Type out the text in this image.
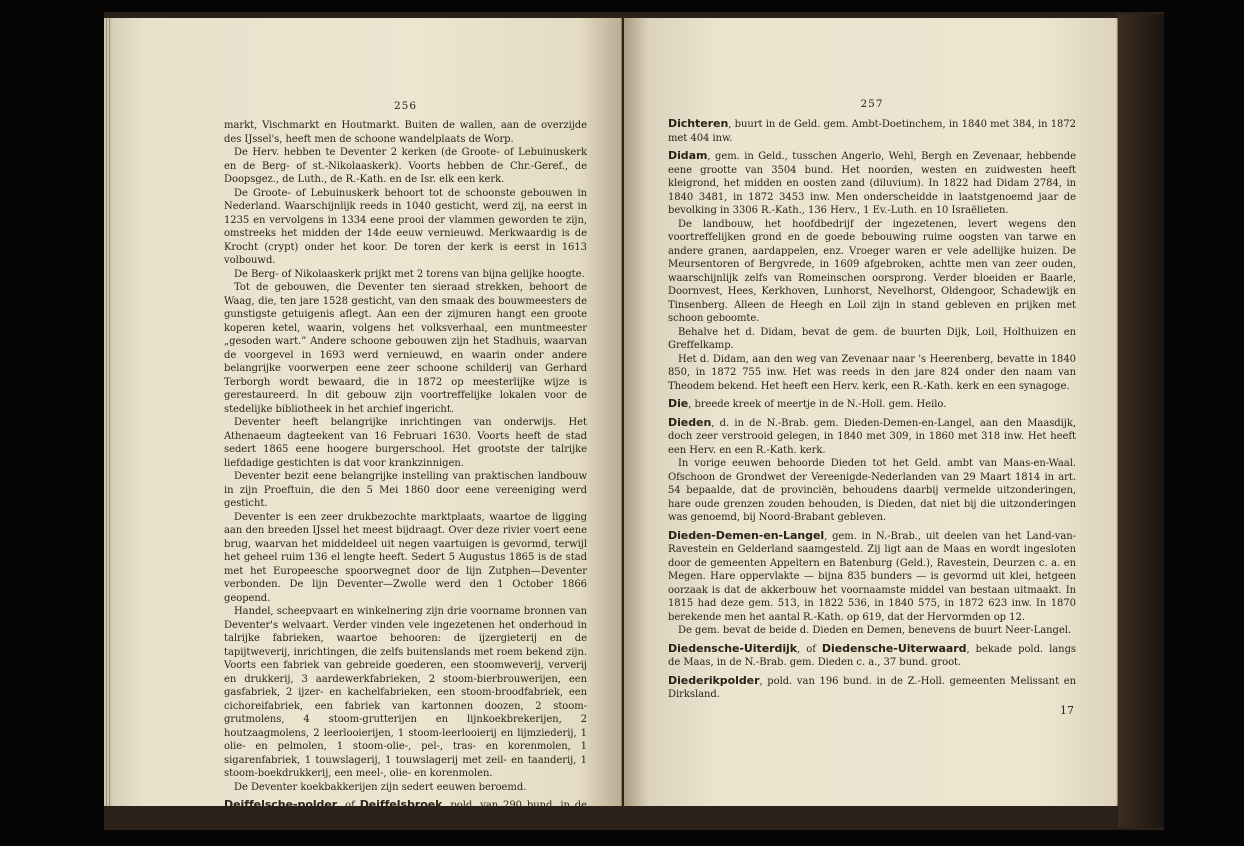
256

markt, Vischmarkt en Houtmarkt. Buiten de wallen, aan de overzijde des IJssel's, heeft men de schoone wandelplaats de Worp.

De Herv. hebben te Deventer 2 kerken (de Groote- of Lebuinuskerk en de Berg- of st.-Nikolaaskerk). Voorts hebben de Chr.-Geref., de Doopsgez., de Luth., de R.-Kath. en de Isr. elk een kerk.

De Groote- of Lebuinuskerk behoort tot de schoonste gebouwen in Nederland. Waarschijnlijk reeds in 1040 gesticht, werd zij, na eerst in 1235 en vervolgens in 1334 eene prooi der vlammen geworden te zijn, omstreeks het midden der 14de eeuw vernieuwd. Merkwaardig is de Krocht (crypt) onder het koor. De toren der kerk is eerst in 1613 volbouwd.

De Berg- of Nikolaaskerk prijkt met 2 torens van bijna gelijke hoogte.

Tot de gebouwen, die Deventer ten sieraad strekken, behoort de Waag, die, ten jare 1528 gesticht, van den smaak des bouwmeesters de gunstigste getuigenis aflegt. Aan een der zijmuren hangt een groote koperen ketel, waarin, volgens het volksverhaal, een muntmeester „gesoden wart.” Andere schoone gebouwen zijn het Stadhuis, waarvan de voorgevel in 1693 werd vernieuwd, en waarin onder andere belangrijke voorwerpen eene zeer schoone schilderij van Gerhard Terborgh wordt bewaard, die in 1872 op meesterlijke wijze is gerestaureerd. In dit gebouw zijn voortreffelijke lokalen voor de stedelijke bibliotheek in het archief ingericht.

Deventer heeft belangrijke inrichtingen van onderwijs. Het Athenaeum dagteekent van 16 Februari 1630. Voorts heeft de stad sedert 1865 eene hoogere burgerschool. Het grootste der talrijke liefdadige gestichten is dat voor krankzinnigen.

Deventer bezit eene belangrijke instelling van praktischen landbouw in zijn Proeftuin, die den 5 Mei 1860 door eene vereeniging werd gesticht.

Deventer is een zeer drukbezochte marktplaats, waartoe de ligging aan den breeden IJssel het meest bijdraagt. Over deze rivier voert eene brug, waarvan het middeldeel uit negen vaartuigen is gevormd, terwijl het geheel ruim 136 el lengte heeft. Sedert 5 Augustus 1865 is de stad met het Europeesche spoorwegnet door de lijn Zutphen—Deventer verbonden. De lijn Deventer—Zwolle werd den 1 October 1866 geopend.

Handel, scheepvaart en winkelnering zijn drie voorname bronnen van Deventer's welvaart. Verder vinden vele ingezetenen het onderhoud in talrijke fabrieken, waartoe behooren: de ijzergieterij en de tapijtweverij, inrichtingen, die zelfs buitenslands met roem bekend zijn. Voorts een fabriek van gebreide goederen, een stoomweverij, ververij en drukkerij, 3 aardewerkfabrieken, 2 stoom-bierbrouwerijen, een gasfabriek, 2 ijzer- en kachelfabrieken, een stoom-broodfabriek, een cichoreifabriek, een fabriek van kartonnen doozen, 2 stoom-grutmolens, 4 stoom-grutterijen en lijnkoekbrekerijen, 2 houtzaagmolens, 2 leerlooierijen, 1 stoom-leerlooierij en lijmziederij, 1 olie- en pelmolen, 1 stoom-olie-, pel-, tras- en korenmolen, 1 sigarenfabriek, 1 touwslagerij, 1 touwslagerij met zeil- en taanderij, 1 stoom-boekdrukkerij, een meel-, olie- en korenmolen.

De Deventer koekbakkerijen zijn sedert eeuwen beroemd.

Deiffelsche-polder, of Deiffelsbroek, pold. van 290 bund. in de Z.-Holl. gem. Pernis.

257

Dichteren, buurt in de Geld. gem. Ambt-Doetinchem, in 1840 met 384, in 1872 met 404 inw.

Didam, gem. in Geld., tusschen Angerlo, Wehl, Bergh en Zevenaar, hebbende eene grootte van 3504 bund. Het noorden, westen en zuidwesten heeft kleigrond, het midden en oosten zand (diluvium). In 1822 had Didam 2784, in 1840 3481, in 1872 3453 inw. Men onderscheidde in laatstgenoemd jaar de bevolking in 3306 R.-Kath., 136 Herv., 1 Ev.-Luth. en 10 Israëlieten.

De landbouw, het hoofdbedrijf der ingezetenen, levert wegens den voortreffelijken grond en de goede bebouwing ruime oogsten van tarwe en andere granen, aardappelen, enz. Vroeger waren er vele adellijke huizen. De Meursentoren of Bergvrede, in 1609 afgebroken, achtte men van zeer ouden, waarschijnlijk zelfs van Romeinschen oorsprong. Verder bloeiden er Baarle, Doornvest, Hees, Kerkhoven, Lunhorst, Nevelhorst, Oldengoor, Schadewijk en Tinsenberg. Alleen de Heegh en Loil zijn in stand gebleven en prijken met schoon geboomte.

Behalve het d. Didam, bevat de gem. de buurten Dijk, Loil, Holthuizen en Greffelkamp.

Het d. Didam, aan den weg van Zevenaar naar 's Heerenberg, bevatte in 1840 850, in 1872 755 inw. Het was reeds in den jare 824 onder den naam van Theodem bekend. Het heeft een Herv. kerk, een R.-Kath. kerk en een synagoge.

Die, breede kreek of meertje in de N.-Holl. gem. Heilo.

Dieden, d. in de N.-Brab. gem. Dieden-Demen-en-Langel, aan den Maasdijk, doch zeer verstrooid gelegen, in 1840 met 309, in 1860 met 318 inw. Het heeft een Herv. en een R.-Kath. kerk.

In vorige eeuwen behoorde Dieden tot het Geld. ambt van Maas-en-Waal. Ofschoon de Grondwet der Vereenigde-Nederlanden van 29 Maart 1814 in art. 54 bepaalde, dat de provinciën, behoudens daarbij vermelde uitzonderingen, hare oude grenzen zouden behouden, is Dieden, dat niet bij die uitzonderingen was genoemd, bij Noord-Brabant gebleven.

Dieden-Demen-en-Langel, gem. in N.-Brab., uit deelen van het Land-van-Ravestein en Gelderland saamgesteld. Zij ligt aan de Maas en wordt ingesloten door de gemeenten Appeltern en Batenburg (Geld.), Ravestein, Deurzen c. a. en Megen. Hare oppervlakte — bijna 835 bunders — is gevormd uit klei, hetgeen oorzaak is dat de akkerbouw het voornaamste middel van bestaan uitmaakt. In 1815 had deze gem. 513, in 1822 536, in 1840 575, in 1872 623 inw. In 1870 berekende men het aantal R.-Kath. op 619, dat der Hervormden op 12.

De gem. bevat de beide d. Dieden en Demen, benevens de buurt Neer-Langel.

Diedensche-Uiterdijk, of Diedensche-Uiterwaard, bekade pold. langs de Maas, in de N.-Brab. gem. Dieden c. a., 37 bund. groot.

Diederikpolder, pold. van 196 bund. in de Z.-Holl. gemeenten Melissant en Dirksland.

17
